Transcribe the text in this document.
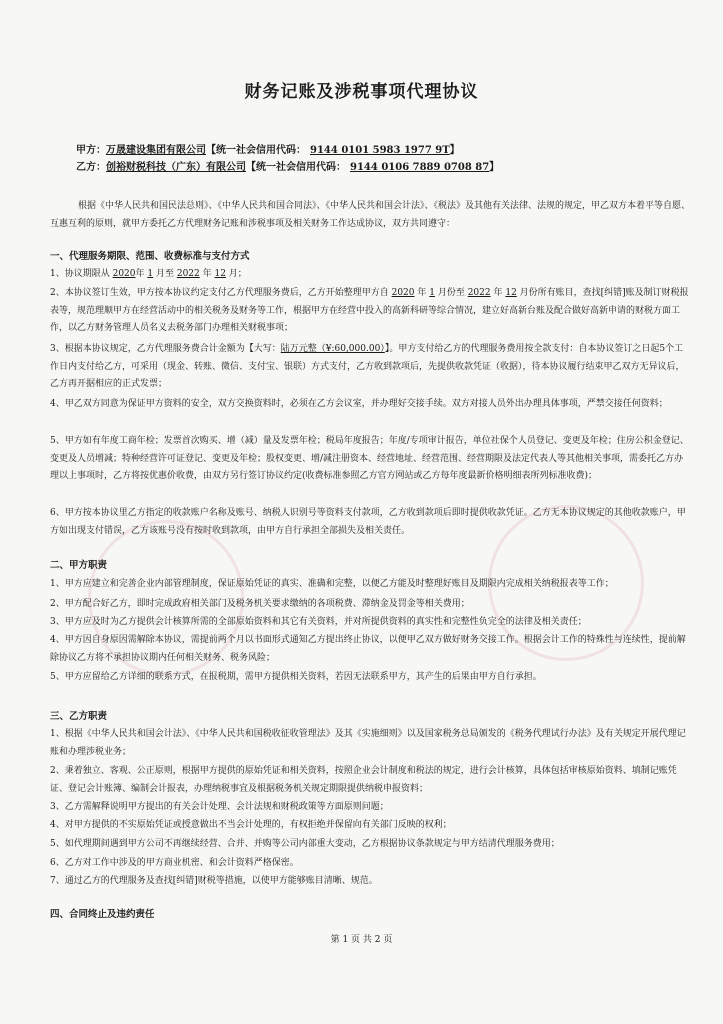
财务记账及涉税事项代理协议
甲方：万晟建设集团有限公司【统一社会信用代码： 9144 0101 5983 1977 9T】
乙方：创裕财税科技（广东）有限公司【统一社会信用代码： 9144 0106 7889 0708 87】
根据《中华人民共和国民法总则》、《中华人民共和国合同法》、《中华人民共和国会计法》、《税法》及其他有关法律、法规的规定，甲乙双方本着平等自愿、互惠互利的原则，就甲方委托乙方代理财务记账和涉税事项及相关财务工作达成协议，双方共同遵守：
一、代理服务期限、范围、收费标准与支付方式
1、协议期限从 2020年 1 月至 2022 年 12 月；
2、本协议签订生效，甲方按本协议约定支付乙方代理服务费后，乙方开始整理甲方自 2020 年 1 月份至 2022 年 12 月份所有账目，查找[纠错]账及制订财税报表等，规范理顺甲方在经营活动中的相关税务及财务等工作，根据甲方在经营中投入的高新科研等综合情况，建立好高新台账及配合做好高新申请的财税方面工作，以乙方财务管理人员名义去税务部门办理相关财税事项；
3、根据本协议规定，乙方代理服务费合计金额为【大写：陆万元整（¥:60,000.00）】。甲方支付给乙方的代理服务费用按全款支付：自本协议签订之日起5个工作日内支付给乙方，可采用（现金、转账、微信、支付宝、银联）方式支付，乙方收到款项后，先提供收款凭证（收据），待本协议履行结束甲乙双方无异议后，乙方再开据相应的正式发票；
4、甲乙双方同意为保证甲方资料的安全，双方交换资料时，必须在乙方会议室，并办理好交接手续。双方对接人员外出办理具体事项，严禁交接任何资料；
5、甲方如有年度工商年检；发票首次购买、增（减）量及发票年检；税局年度报告；年度/专项审计报告，单位社保个人员登记、变更及年检；住房公积金登记、变更及人员增减；特种经营许可证登记、变更及年检；股权变更、增/减注册资本、经营地址、经营范围、经营期限及法定代表人等其他相关事项，需委托乙方办理以上事项时，乙方将按优惠价收费，由双方另行签订协议约定(收费标准参照乙方官方网站或乙方每年度最新价格明细表所列标准收费)；
6、甲方按本协议里乙方指定的收款账户名称及账号、纳税人识别号等资料支付款项，乙方收到款项后即时提供收款凭证。乙方无本协议规定的其他收款账户，甲方如出现支付错误，乙方该账号没有按时收到款项，由甲方自行承担全部损失及相关责任。
二、甲方职责
1、甲方应建立和完善企业内部管理制度，保证原始凭证的真实、准确和完整，以便乙方能及时整理好账目及期限内完成相关纳税报表等工作；
2、甲方配合好乙方，即时完成政府相关部门及税务机关要求缴纳的各项税费、滞纳金及罚金等相关费用；
3、甲方应及时为乙方提供会计核算所需的全部原始资料和其它有关资料，并对所提供资料的真实性和完整性负完全的法律及相关责任；
4、甲方因自身原因需解除本协议，需提前两个月以书面形式通知乙方提出终止协议，以便甲乙双方做好财务交接工作。根据会计工作的特殊性与连续性，提前解除协议乙方将不承担协议期内任何相关财务、税务风险；
5、甲方应留给乙方详细的联系方式，在报税期，需甲方提供相关资料，若因无法联系甲方，其产生的后果由甲方自行承担。
三、乙方职责
1、根据《中华人民共和国会计法》、《中华人民共和国税收征收管理法》及其《实施细则》以及国家税务总局颁发的《税务代理试行办法》及有关规定开展代理记账和办理涉税业务；
2、秉着独立、客观、公正原则，根据甲方提供的原始凭证和相关资料，按照企业会计制度和税法的规定，进行会计核算，具体包括审核原始资料、填制记账凭证、登记会计账簿、编制会计报表，办理纳税事宜及根据税务机关规定期限提供纳税申报资料；
3、乙方需解释说明甲方提出的有关会计处理、会计法规和财税政策等方面原则问题；
4、对甲方提供的不实原始凭证或授意做出不当会计处理的，有权拒绝并保留向有关部门反映的权利；
5、如代理期间遇到甲方公司不再继续经营、合并、并购等公司内部重大变动，乙方根据协议条款规定与甲方结清代理服务费用；
6、乙方对工作中涉及的甲方商业机密、和会计资料严格保密。
7、通过乙方的代理服务及查找[纠错]财税等措施，以使甲方能够账目清晰、规范。
四、合同终止及违约责任
第 1 页 共 2 页
